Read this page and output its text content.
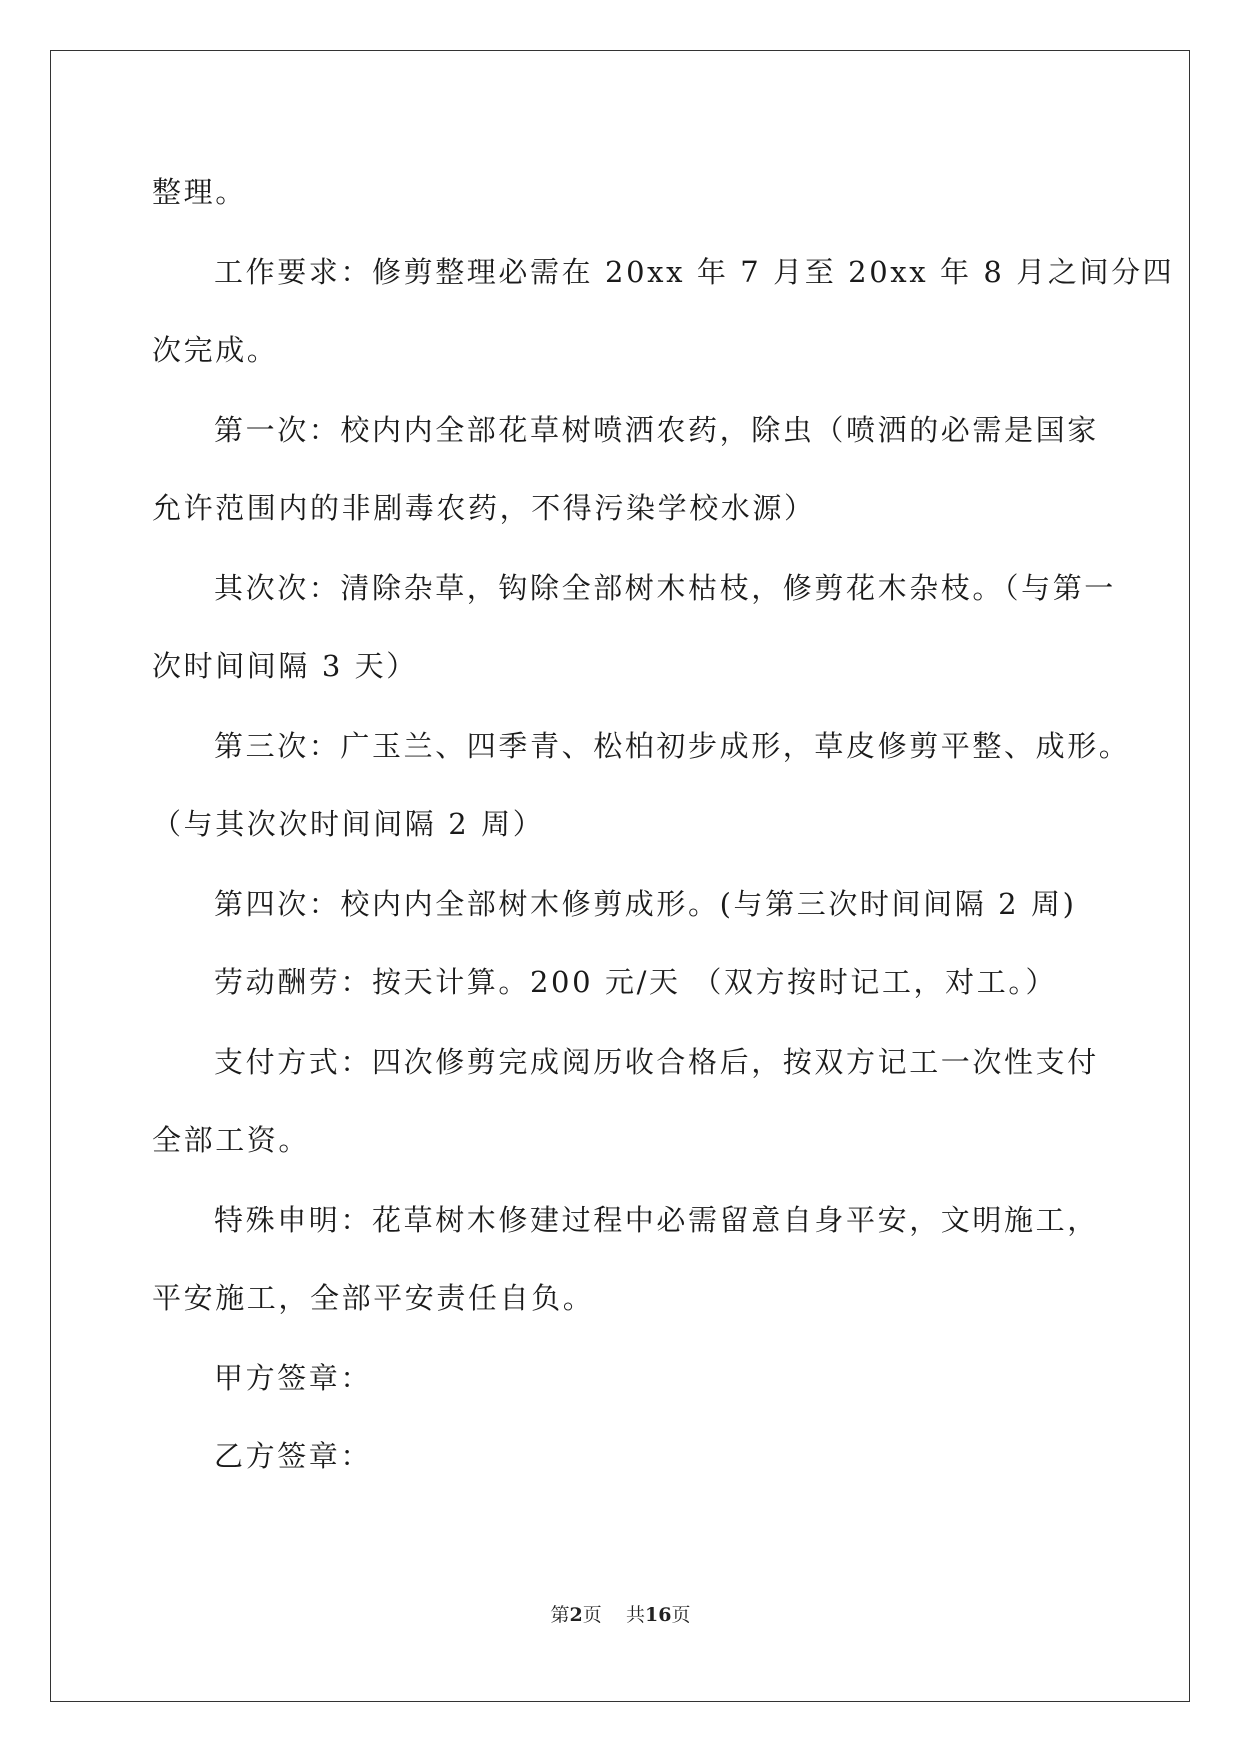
整理。
工作要求：修剪整理必需在 20xx 年 7 月至 20xx 年 8 月之间分四
次完成。
第一次：校内内全部花草树喷洒农药，除虫（喷洒的必需是国家
允许范围内的非剧毒农药，不得污染学校水源）
其次次：清除杂草，钩除全部树木枯枝，修剪花木杂枝。（与第一
次时间间隔 3 天）
第三次：广玉兰、四季青、松柏初步成形，草皮修剪平整、成形。
（与其次次时间间隔 2 周）
第四次：校内内全部树木修剪成形。(与第三次时间间隔 2 周)
劳动酬劳：按天计算。200 元/天 （双方按时记工，对工。）
支付方式：四次修剪完成阅历收合格后，按双方记工一次性支付
全部工资。
特殊申明：花草树木修建过程中必需留意自身平安，文明施工，
平安施工，全部平安责任自负。
甲方签章：
乙方签章：
第2页 共16页
